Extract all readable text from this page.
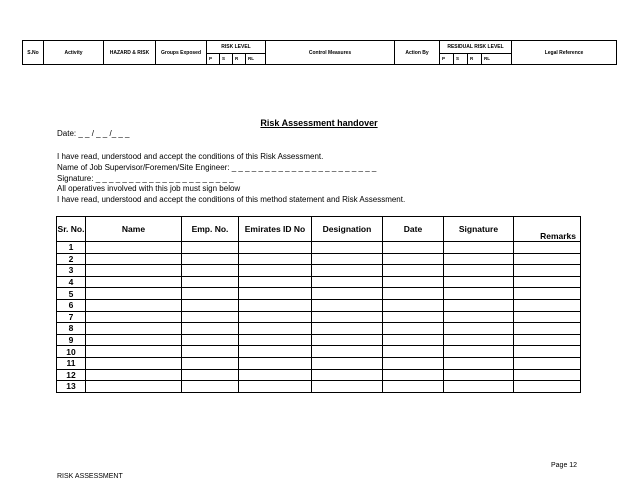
S.No	Activity	HAZARD & RISK	Groups Exposed	RISK LEVEL				Control Measures	Action By	RESIDUAL RISK LEVEL				Legal Reference
				P	S	R	RL			P	S	R	RL	
Risk Assessment handover
Date: _ _ / _ _ /_ _ _
I have read, understood and accept the conditions of this Risk Assessment.
Name of Job Supervisor/Foremen/Site Engineer: _ _ _ _ _ _ _ _ _ _ _ _ _ _ _ _ _ _ _ _ _ _
Signature: _ _ _ _ _ _ _ _ _ _ _ _ _ _ _ _ _ _ _ _ _
All operatives involved with this job must sign below
I have read, understood and accept the conditions of this method statement and Risk Assessment.
Sr. No.	Name	Emp. No.	Emirates ID No	Designation	Date	Signature	Remarks
1							
2							
3							
4							
5							
6							
7							
8							
9							
10							
11							
12							
13							
Page 12
RISK ASSESSMENT
